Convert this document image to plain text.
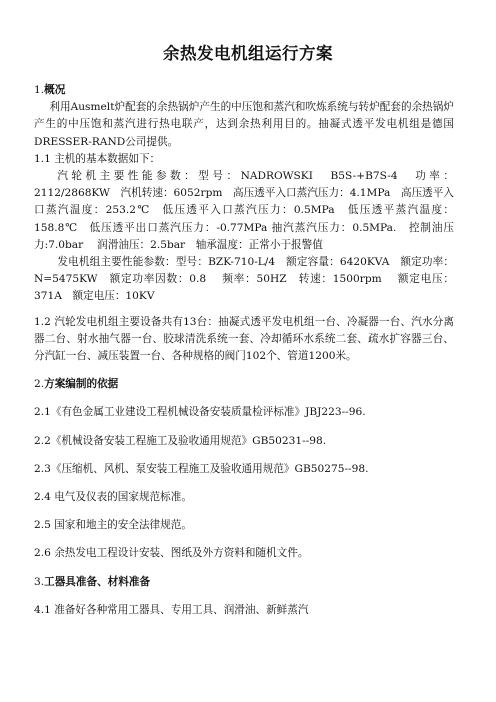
余热发电机组运行方案

1.概况

利用Ausmelt炉配套的余热锅炉产生的中压饱和蒸汽和吹炼系统与转炉配套的余热锅炉产生的中压饱和蒸汽进行热电联产，达到余热利用目的。抽凝式透平发电机组是德国DRESSER-RAND公司提供。

1.1 主机的基本数据如下：

汽轮机主要性能参数：型号：NADROWSKI　B5S-+B7S-4　功率：2112/2868KW　汽机转速：6052rpm　高压透平入口蒸汽压力：4.1MPa　高压透平入口蒸汽温度：253.2℃　低压透平入口蒸汽压力：0.5MPa　低压透平蒸汽温度：158.8℃　低压透平出口蒸汽压力：-0.77MPa 抽汽蒸汽压力：0.5MPa.　控制油压力:7.0bar　 润滑油压：2.5bar　轴承温度：正常小于报警值

发电机组主要性能参数：型号：BZK-710-L/4　额定容量：6420KVA　额定功率：N=5475KW　额定功率因数：0.8　 频率：50HZ　转速：1500rpm　 额定电压：371A　额定电压：10KV

1.2 汽轮发电机组主要设备共有13台：抽凝式透平发电机组一台、冷凝器一台、汽水分离器二台、射水抽气器一台、胶球清洗系统一套、冷却循环水系统二套、疏水扩容器三台、分汽缸一台、减压装置一台、各种规格的阀门102个、管道1200米。

2.方案编制的依据

2.1《有色金属工业建设工程机械设备安装质量检评标准》JBJ223--96.

2.2《机械设备安装工程施工及验收通用规范》GB50231--98.

2.3《压缩机、风机、泵安装工程施工及验收通用规范》GB50275--98.

2.4 电气及仪表的国家规范标准。

2.5 国家和地主的安全法律规范。

2.6 余热发电工程设计安装、图纸及外方资料和随机文件。

3.工器具准备、材料准备

4.1 准备好各种常用工器具、专用工具、润滑油、新鲜蒸汽
